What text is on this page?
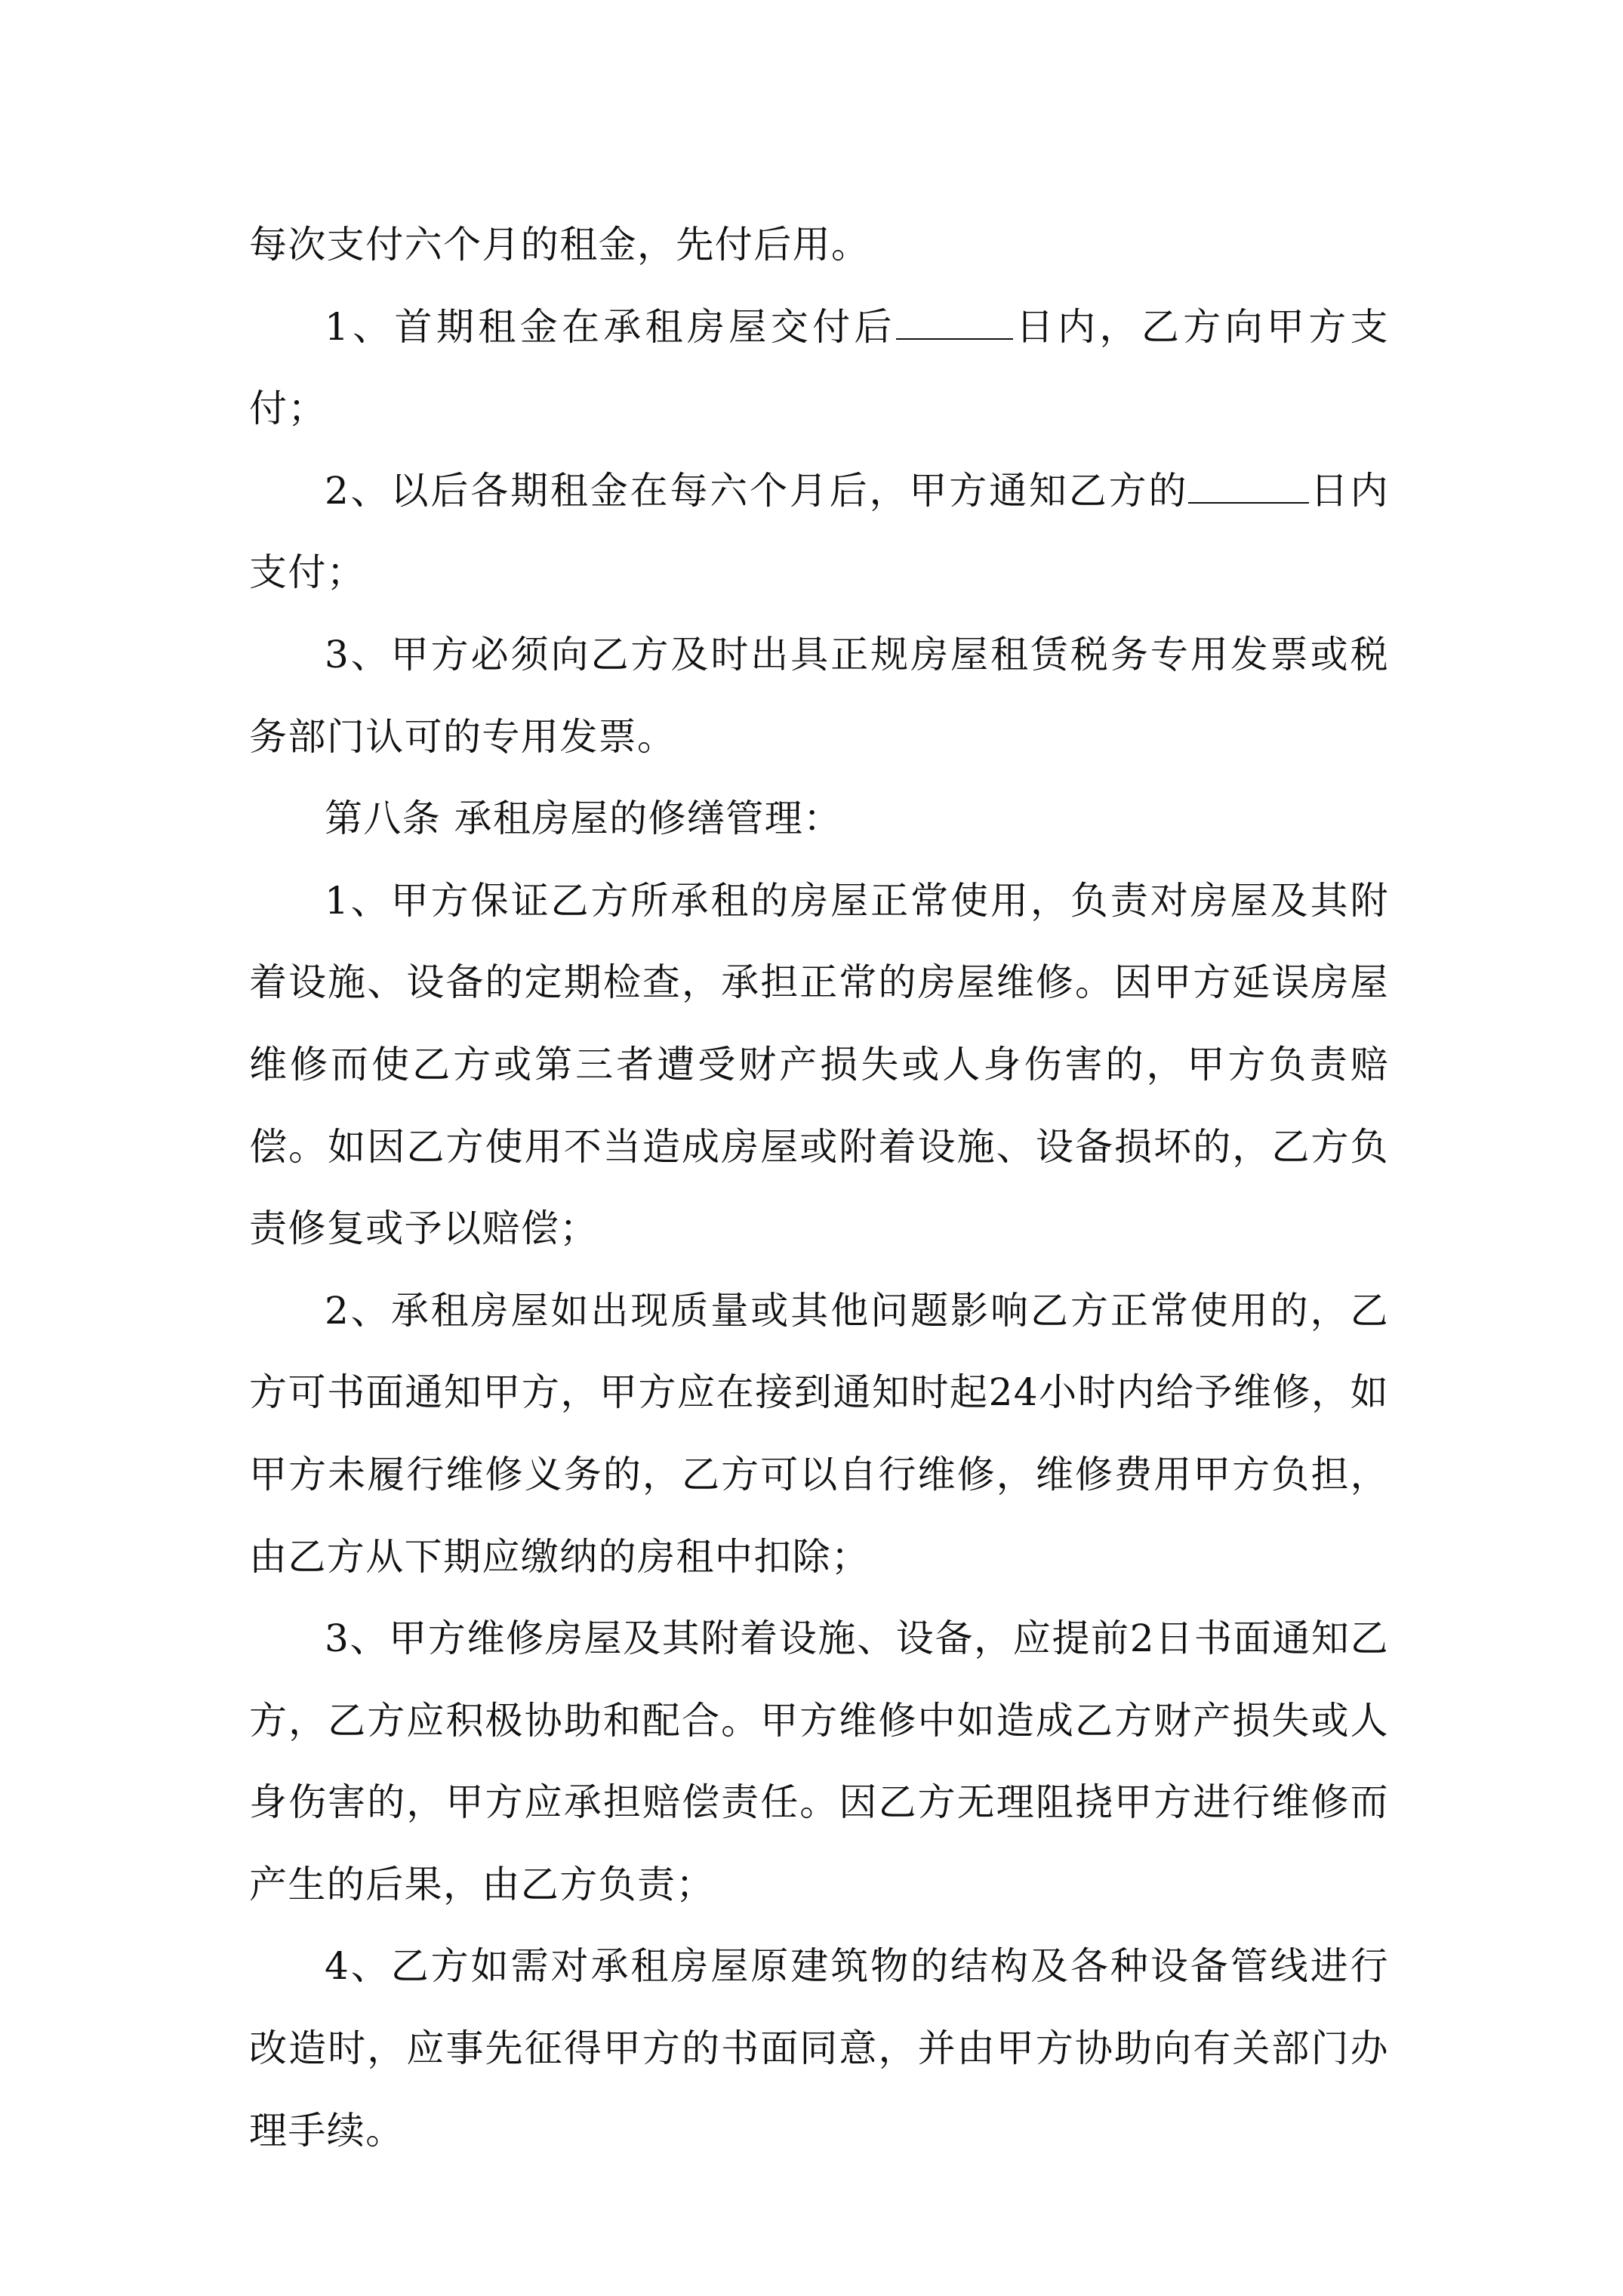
每次支付六个月的租金，先付后用。

1、首期租金在承租房屋交付后	日内，乙方向甲方支付；

2、以后各期租金在每六个月后，甲方通知乙方的	日内支付；

3、甲方必须向乙方及时出具正规房屋租赁税务专用发票或税务部门认可的专用发票。

第八条 承租房屋的修缮管理：

1、甲方保证乙方所承租的房屋正常使用，负责对房屋及其附着设施、设备的定期检查，承担正常的房屋维修。因甲方延误房屋维修而使乙方或第三者遭受财产损失或人身伤害的，甲方负责赔偿。如因乙方使用不当造成房屋或附着设施、设备损坏的，乙方负责修复或予以赔偿；

2、承租房屋如出现质量或其他问题影响乙方正常使用的，乙方可书面通知甲方，甲方应在接到通知时起24小时内给予维修，如甲方未履行维修义务的，乙方可以自行维修，维修费用甲方负担，由乙方从下期应缴纳的房租中扣除；

3、甲方维修房屋及其附着设施、设备，应提前2日书面通知乙方，乙方应积极协助和配合。甲方维修中如造成乙方财产损失或人身伤害的，甲方应承担赔偿责任。因乙方无理阻挠甲方进行维修而产生的后果，由乙方负责；

4、乙方如需对承租房屋原建筑物的结构及各种设备管线进行改造时，应事先征得甲方的书面同意，并由甲方协助向有关部门办理手续。
